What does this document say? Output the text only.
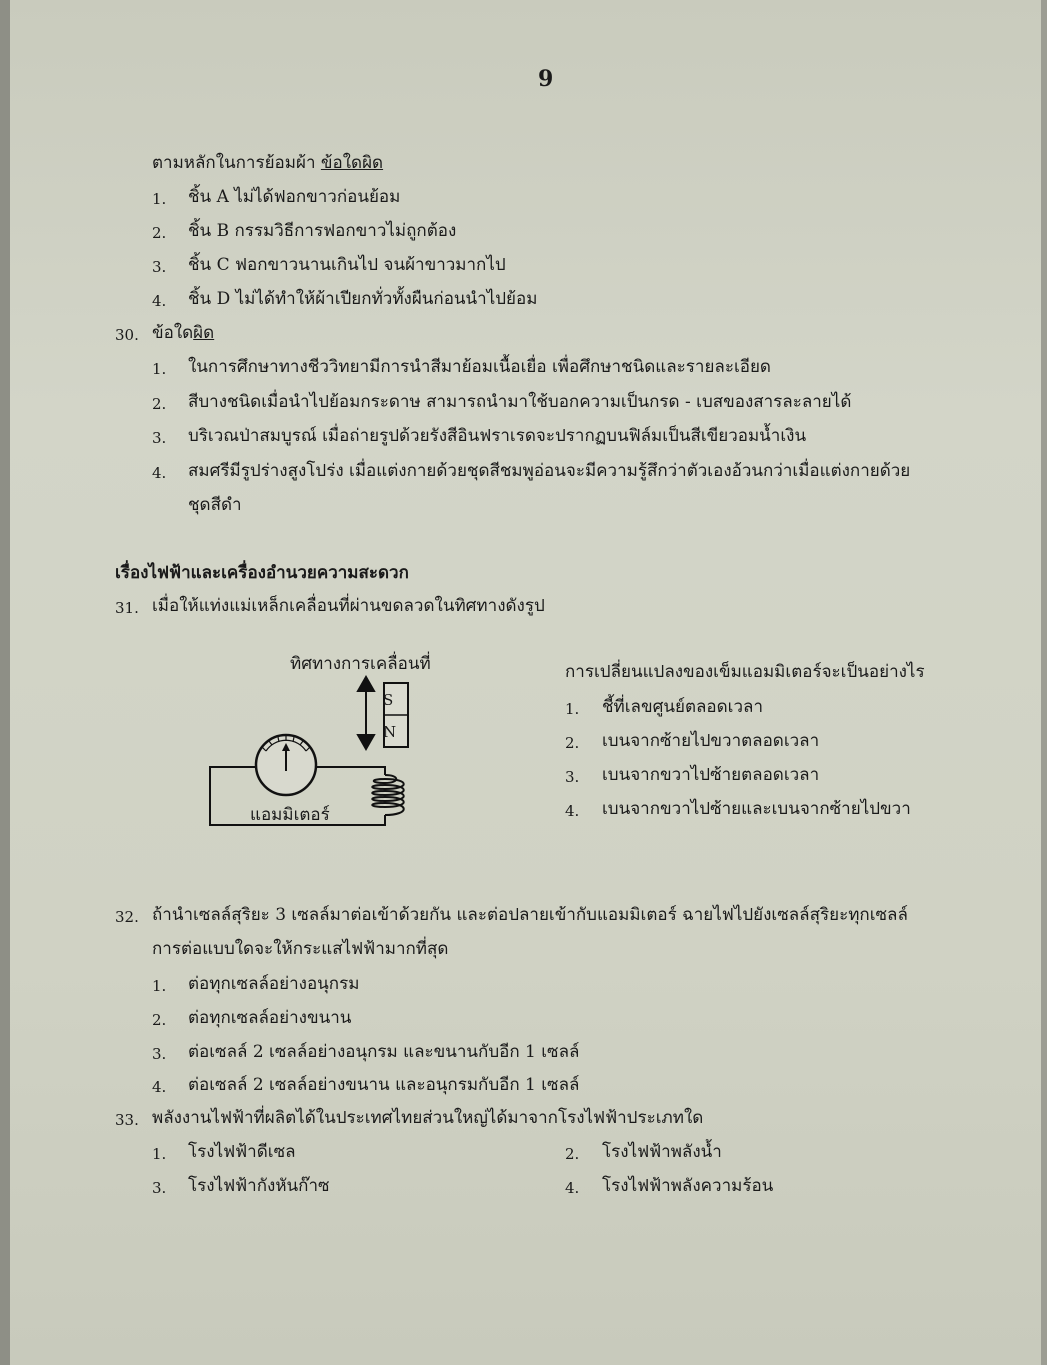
9
ตามหลักในการย้อมผ้า ข้อใดผิด
1. ชิ้น A ไม่ได้ฟอกขาวก่อนย้อม
2. ชิ้น B กรรมวิธีการฟอกขาวไม่ถูกต้อง
3. ชิ้น C ฟอกขาวนานเกินไป จนผ้าขาวมากไป
4. ชิ้น D ไม่ได้ทำให้ผ้าเปียกทั่วทั้งผืนก่อนนำไปย้อม
30. ข้อใดผิด
1. ในการศึกษาทางชีววิทยามีการนำสีมาย้อมเนื้อเยื่อ เพื่อศึกษาชนิดและรายละเอียด
2. สีบางชนิดเมื่อนำไปย้อมกระดาษ สามารถนำมาใช้บอกความเป็นกรด - เบสของสารละลายได้
3. บริเวณป่าสมบูรณ์ เมื่อถ่ายรูปด้วยรังสีอินฟราเรดจะปรากฏบนฟิล์มเป็นสีเขียวอมน้ำเงิน
4. สมศรีมีรูปร่างสูงโปร่ง เมื่อแต่งกายด้วยชุดสีชมพูอ่อนจะมีความรู้สึกว่าตัวเองอ้วนกว่าเมื่อแต่งกายด้วย
ชุดสีดำ
เรื่องไฟฟ้าและเครื่องอำนวยความสะดวก
31. เมื่อให้แท่งแม่เหล็กเคลื่อนที่ผ่านขดลวดในทิศทางดังรูป
ทิศทางการเคลื่อนที่
S
N
แอมมิเตอร์
การเปลี่ยนแปลงของเข็มแอมมิเตอร์จะเป็นอย่างไร
1. ชี้ที่เลขศูนย์ตลอดเวลา
2. เบนจากซ้ายไปขวาตลอดเวลา
3. เบนจากขวาไปซ้ายตลอดเวลา
4. เบนจากขวาไปซ้ายและเบนจากซ้ายไปขวา
32. ถ้านำเซลล์สุริยะ 3 เซลล์มาต่อเข้าด้วยกัน และต่อปลายเข้ากับแอมมิเตอร์ ฉายไฟไปยังเซลล์สุริยะทุกเซลล์
การต่อแบบใดจะให้กระแสไฟฟ้ามากที่สุด
1. ต่อทุกเซลล์อย่างอนุกรม
2. ต่อทุกเซลล์อย่างขนาน
3. ต่อเซลล์ 2 เซลล์อย่างอนุกรม และขนานกับอีก 1 เซลล์
4. ต่อเซลล์ 2 เซลล์อย่างขนาน และอนุกรมกับอีก 1 เซลล์
33. พลังงานไฟฟ้าที่ผลิตได้ในประเทศไทยส่วนใหญ่ได้มาจากโรงไฟฟ้าประเภทใด
1. โรงไฟฟ้าดีเซล	2. โรงไฟฟ้าพลังน้ำ
3. โรงไฟฟ้ากังหันก๊าซ	4. โรงไฟฟ้าพลังความร้อน
